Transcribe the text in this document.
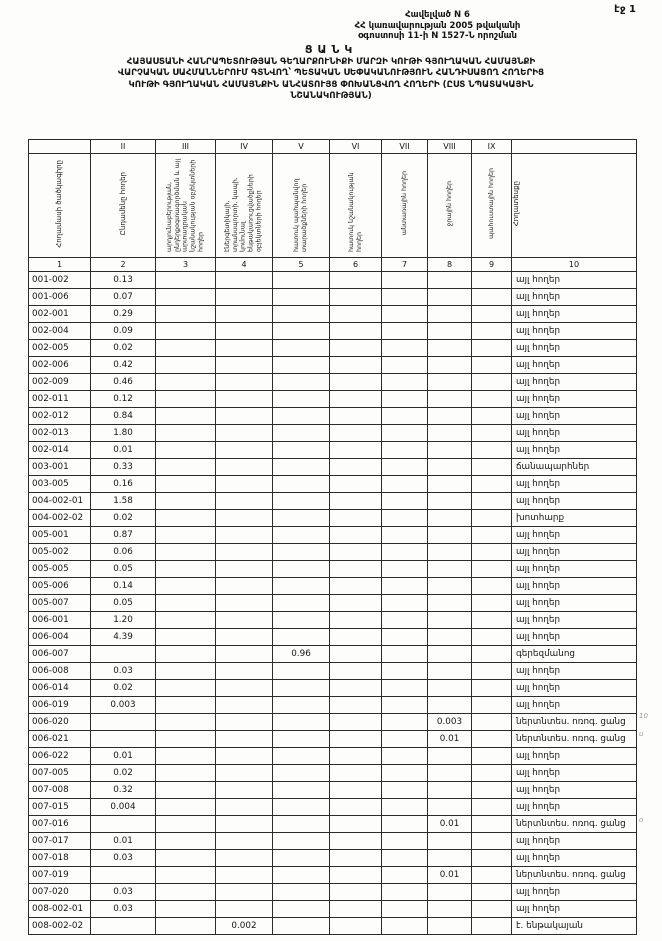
էջ 1
Հավելված N 6
ՀՀ կառավարության 2005 թվականի
օգոստոսի 11-ի N 1527-Ն որոշման
ՑԱՆԿ
ՀԱՅԱՍՏԱՆԻ ՀԱՆՐԱՊԵՏՈՒԹՅԱՆ ԳԵՂԱՐՔՈՒՆԻՔԻ ՄԱՐԶԻ ԿՈՒԹԻ ԳՅՈՒՂԱԿԱՆ ՀԱՄԱՅՆՔԻ
ՎԱՐՉԱԿԱՆ ՍԱՀՄԱՆՆԵՐՈՒՄ ԳՏՆՎՈՂ՝ ՊԵՏԱԿԱՆ ՍԵՓԱԿԱՆՈՒԹՅՈՒՆ ՀԱՆԴԻՍԱՑՈՂ ՀՈՂԵՐԻՑ
ԿՈՒԹԻ ԳՅՈՒՂԱԿԱՆ ՀԱՄԱՅՆՔԻՆ ԱՆՀԱՏՈՒՅՑ ՓՈԽԱՆՑՎՈՂ ՀՈՂԵՐԻ (ԸՍՏ ՆՊԱՏԱԿԱՅԻՆ
ՆՇԱՆԱԿՈՒԹՅԱՆ)
	II	III	IV	V	VI	VII	VIII	IX	
Հողամասի ծածկագիրը	Ընդամենը հողեր	արդյունաբերության, ընդերքօգտագործման և այլ արտադրական նշանակության օբյեկտների հողեր	էներգետիկայի, տրանսպորտի, կապի, կոմունալ ենթակառուցվածքների օբյեկտների հողեր	հատուկ պահպանվող տարածքների հողեր	հատուկ նշանակության հողեր	անտառային հողեր	ջրային հողեր	պահուստային հողեր	Հողատեսքը
1	2	3	4	5	6	7	8	9	10
001-002	0.13								այլ հողեր
001-006	0.07								այլ հողեր
002-001	0.29								այլ հողեր
002-004	0.09								այլ հողեր
002-005	0.02								այլ հողեր
002-006	0.42								այլ հողեր
002-009	0.46								այլ հողեր
002-011	0.12								այլ հողեր
002-012	0.84								այլ հողեր
002-013	1.80								այլ հողեր
002-014	0.01								այլ հողեր
003-001	0.33								ճանապարհներ
003-005	0.16								այլ հողեր
004-002-01	1.58								այլ հողեր
004-002-02	0.02								խոտհարք
005-001	0.87								այլ հողեր
005-002	0.06								այլ հողեր
005-005	0.05								այլ հողեր
005-006	0.14								այլ հողեր
005-007	0.05								այլ հողեր
006-001	1.20								այլ հողեր
006-004	4.39								այլ հողեր
006-007				0.96					գերեզմանոց
006-008	0.03								այլ հողեր
006-014	0.02								այլ հողեր
006-019	0.003								այլ հողեր
006-020							0.003		ներտնտես. ոռոգ. ցանց
006-021							0.01		ներտնտես. ոռոգ. ցանց
006-022	0.01								այլ հողեր
007-005	0.02								այլ հողեր
007-008	0.32								այլ հողեր
007-015	0.004								այլ հողեր
007-016							0.01		ներտնտես. ոռոգ. ցանց
007-017	0.01								այլ հողեր
007-018	0.03								այլ հողեր
007-019							0.01		ներտնտես. ոռոգ. ցանց
007-020	0.03								այլ հողեր
008-002-01	0.03								այլ հողեր
008-002-02			0.002						է. ենթակայան
10
ս
օ
